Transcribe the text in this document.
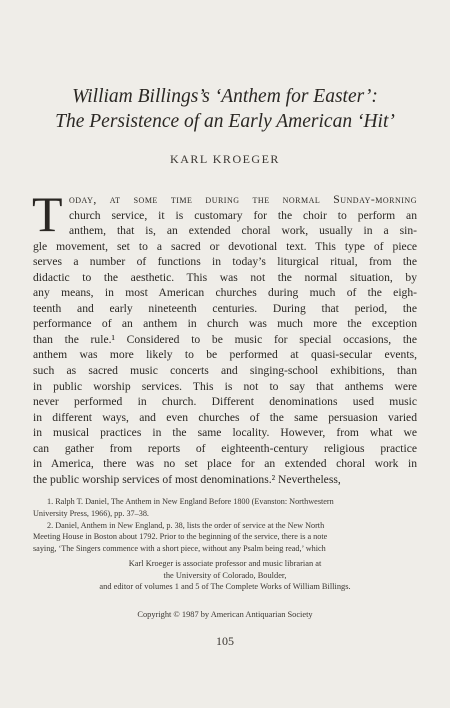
William Billings’s ‘Anthem for Easter’:
The Persistence of an Early American ‘Hit’
KARL KROEGER
T oday, at some time during the normal Sunday-morning
church service, it is customary for the choir to perform an
anthem, that is, an extended choral work, usually in a sin-
gle movement, set to a sacred or devotional text. This type of piece
serves a number of functions in today’s liturgical ritual, from the
didactic to the aesthetic. This was not the normal situation, by
any means, in most American churches during much of the eigh-
teenth and early nineteenth centuries. During that period, the
performance of an anthem in church was much more the exception
than the rule.¹ Considered to be music for special occasions, the
anthem was more likely to be performed at quasi-secular events,
such as sacred music concerts and singing-school exhibitions, than
in public worship services. This is not to say that anthems were
never performed in church. Different denominations used music
in different ways, and even churches of the same persuasion varied
in musical practices in the same locality. However, from what we
can gather from reports of eighteenth-century religious practice
in America, there was no set place for an extended choral work in
the public worship services of most denominations.² Nevertheless,
1. Ralph T. Daniel, The Anthem in New England Before 1800 (Evanston: Northwestern
University Press, 1966), pp. 37–38.
2. Daniel, Anthem in New England, p. 38, lists the order of service at the New North
Meeting House in Boston about 1792. Prior to the beginning of the service, there is a note
saying, ‘The Singers commence with a short piece, without any Psalm being read,’ which
Karl Kroeger is associate professor and music librarian at
the University of Colorado, Boulder,
and editor of volumes 1 and 5 of The Complete Works of William Billings.
Copyright © 1987 by American Antiquarian Society
105
